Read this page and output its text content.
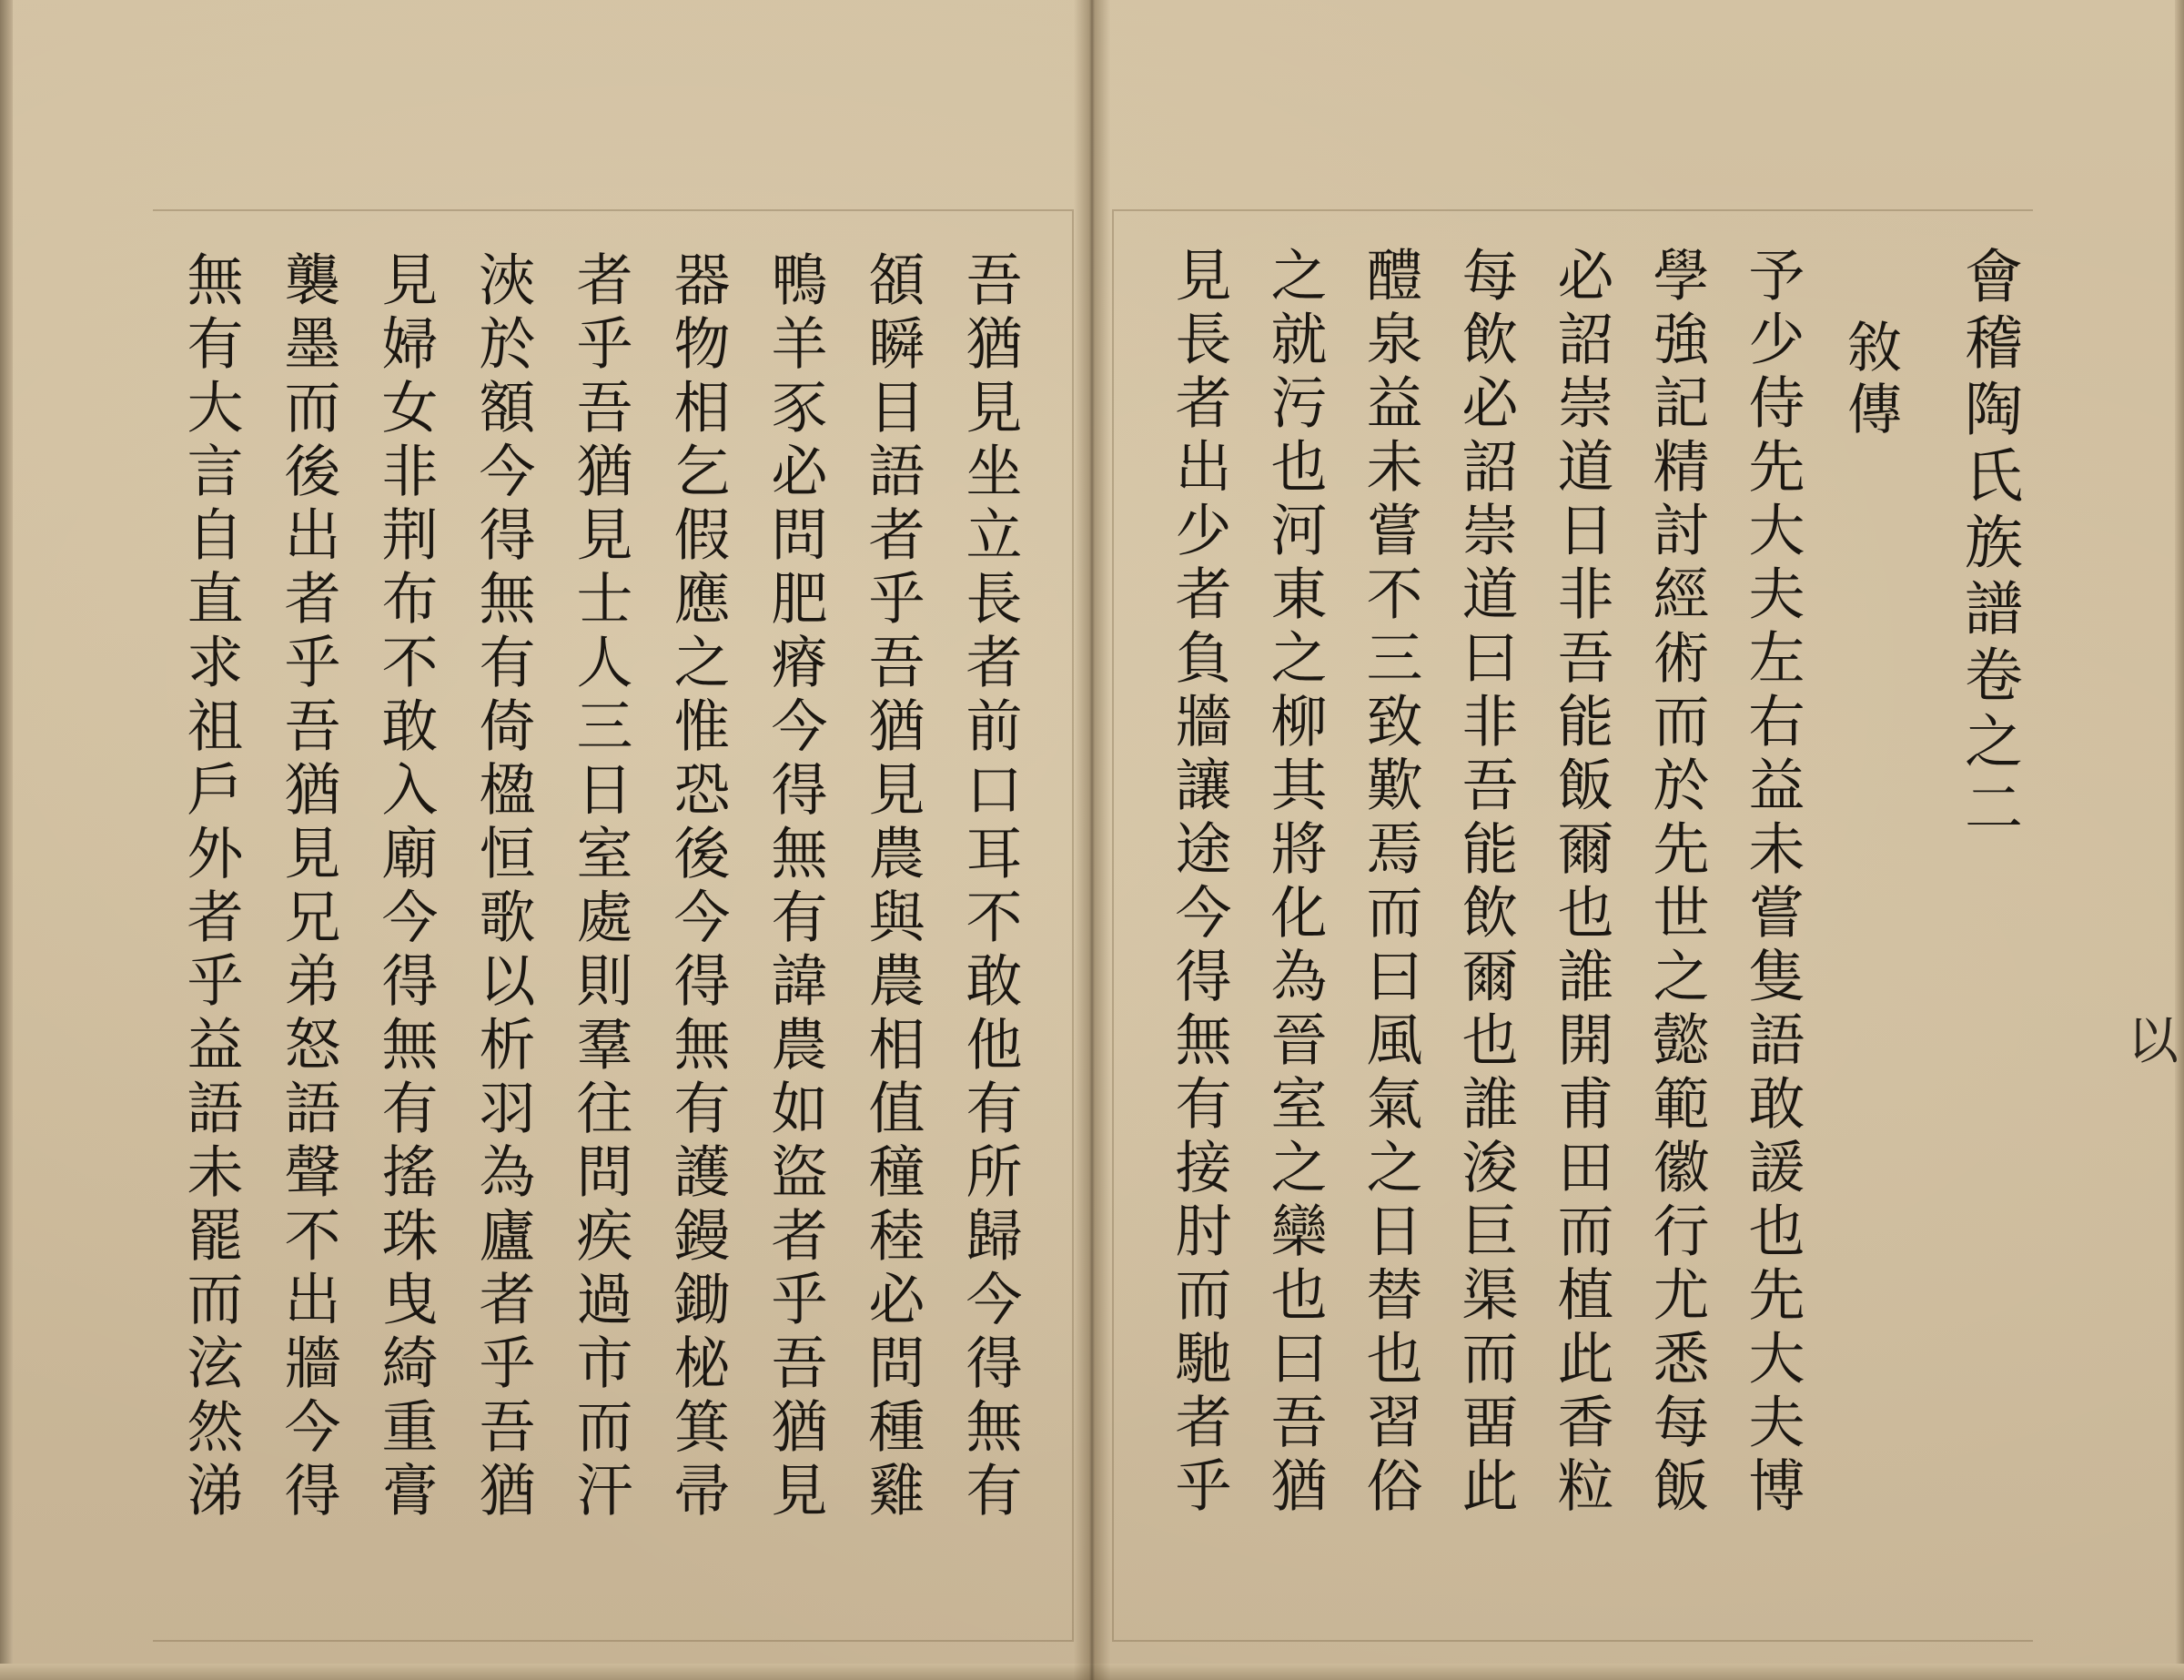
會稽陶氏族譜卷之二
敘傳
予少侍先大夫左右益未嘗隻語敢諼也先大夫博
學強記精討經術而於先世之懿範徽行尤悉每飯
必詔崇道日非吾能飯爾也誰開甫田而植此香粒
每飲必詔崇道曰非吾能飲爾也誰浚巨渠而畱此
醴泉益未嘗不三致歎焉而曰風氣之日替也習俗
之就污也河東之柳其將化為晉室之欒也曰吾猶
見長者出少者負牆讓途今得無有接肘而馳者乎	以
吾猶見坐立長者前口耳不敢他有所歸今得無有
頟瞬目語者乎吾猶見農與農相值穜稑必問種雞
鴨羊豕必問肥瘠今得無有諱農如盜者乎吾猶見
器物相乞假應之惟恐後今得無有護鏝鋤柲箕帚
者乎吾猶見士人三日室處則羣往問疾過市而汗
浹於額今得無有倚楹恒歌以析羽為廬者乎吾猶
見婦女非荆布不敢入廟今得無有搖珠曳綺重膏
襲墨而後出者乎吾猶見兄弟怒語聲不出牆今得
無有大言自直求祖戶外者乎益語未罷而泫然涕
